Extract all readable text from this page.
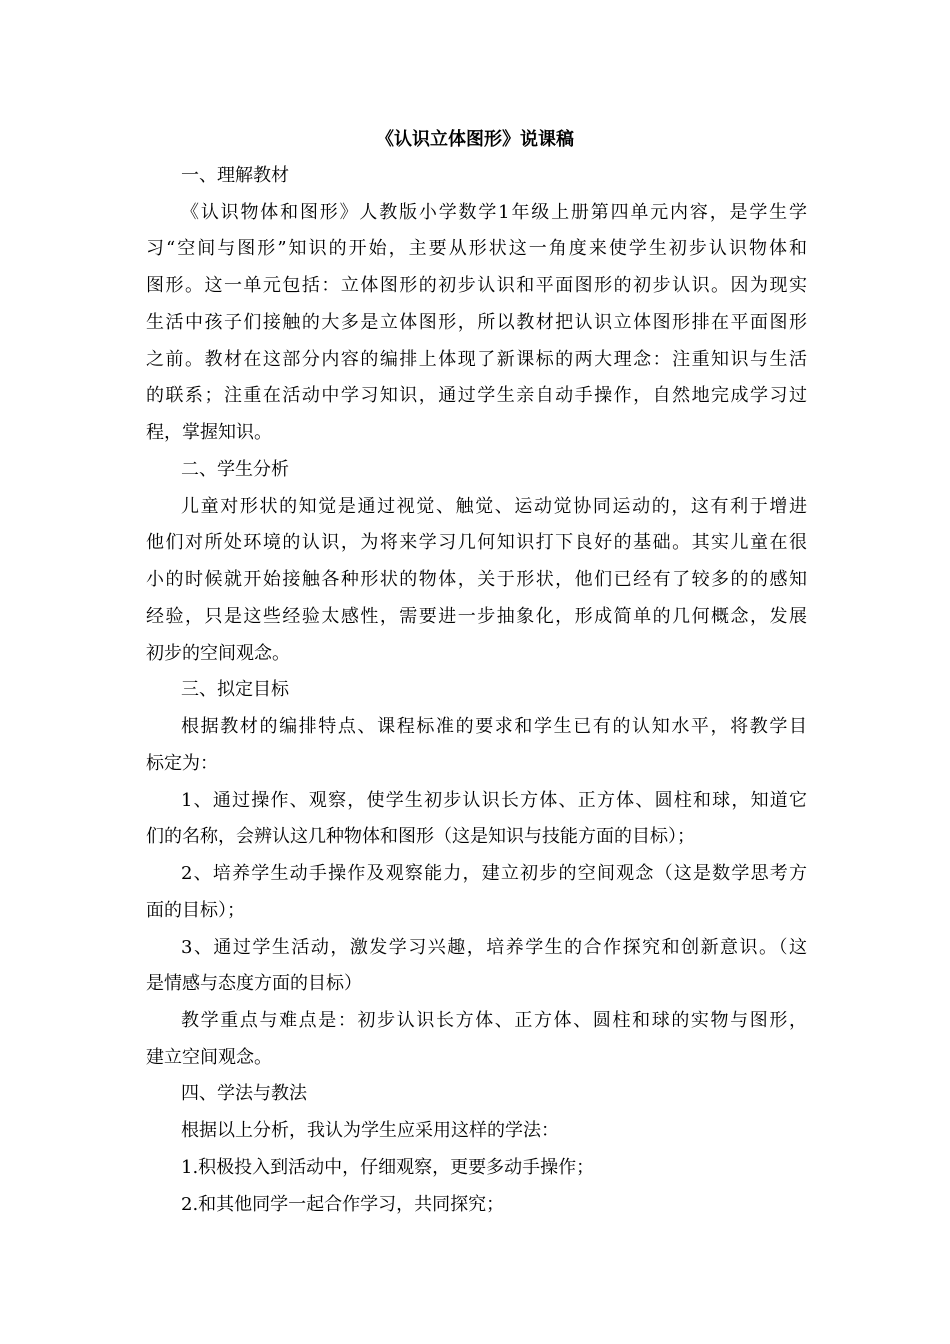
《认识立体图形》说课稿
一、理解教材
《认识物体和图形》人教版小学数学1年级上册第四单元内容，是学生学
习“空间与图形”知识的开始，主要从形状这一角度来使学生初步认识物体和
图形。这一单元包括：立体图形的初步认识和平面图形的初步认识。因为现实
生活中孩子们接触的大多是立体图形，所以教材把认识立体图形排在平面图形
之前。教材在这部分内容的编排上体现了新课标的两大理念：注重知识与生活
的联系；注重在活动中学习知识，通过学生亲自动手操作，自然地完成学习过
程，掌握知识。
二、学生分析
儿童对形状的知觉是通过视觉、触觉、运动觉协同运动的，这有利于增进
他们对所处环境的认识，为将来学习几何知识打下良好的基础。其实儿童在很
小的时候就开始接触各种形状的物体，关于形状，他们已经有了较多的的感知
经验，只是这些经验太感性，需要进一步抽象化，形成简单的几何概念，发展
初步的空间观念。
三、拟定目标
根据教材的编排特点、课程标准的要求和学生已有的认知水平，将教学目
标定为：
1、通过操作、观察，使学生初步认识长方体、正方体、圆柱和球，知道它
们的名称，会辨认这几种物体和图形（这是知识与技能方面的目标）；
2、培养学生动手操作及观察能力，建立初步的空间观念（这是数学思考方
面的目标）；
3、通过学生活动，激发学习兴趣，培养学生的合作探究和创新意识。（这
是情感与态度方面的目标）
教学重点与难点是：初步认识长方体、正方体、圆柱和球的实物与图形，
建立空间观念。
四、学法与教法
根据以上分析，我认为学生应采用这样的学法：
1.积极投入到活动中，仔细观察，更要多动手操作；
2.和其他同学一起合作学习，共同探究；
